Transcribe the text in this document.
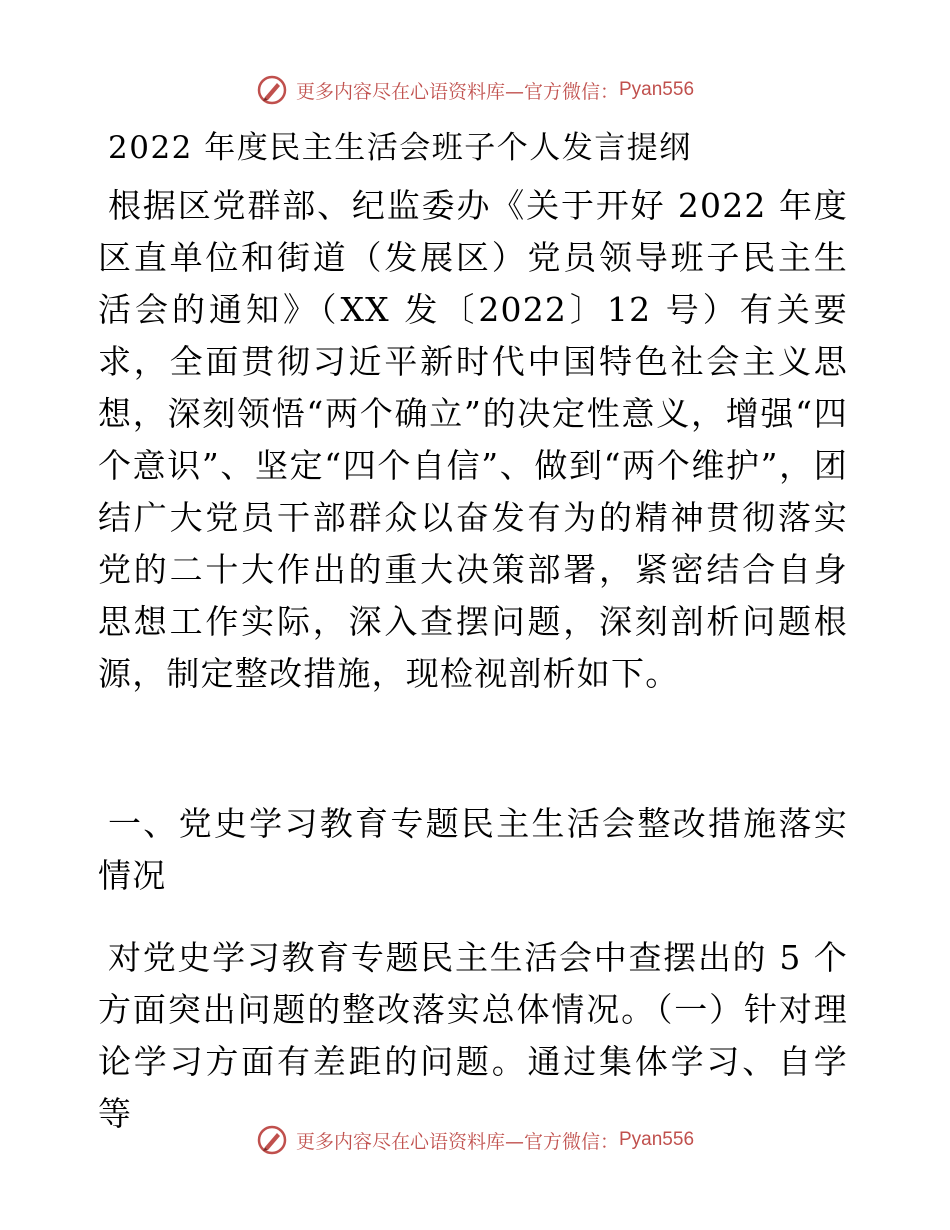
更多内容尽在心语资料库—官方微信： Pyan556
2022 年度民主生活会班子个人发言提纲

根据区党群部、纪监委办《关于开好 2022 年度区直单位和街道（发展区）党员领导班子民主生活会的通知》（XX 发〔2022〕12 号）有关要求，全面贯彻习近平新时代中国特色社会主义思想，深刻领悟“两个确立”的决定性意义，增强“四个意识”、坚定“四个自信”、做到“两个维护”，团结广大党员干部群众以奋发有为的精神贯彻落实党的二十大作出的重大决策部署，紧密结合自身思想工作实际，深入查摆问题，深刻剖析问题根源，制定整改措施，现检视剖析如下。

一、党史学习教育专题民主生活会整改措施落实情况

对党史学习教育专题民主生活会中查摆出的 5 个方面突出问题的整改落实总体情况。（一）针对理论学习方面有差距的问题。通过集体学习、自学等

更多内容尽在心语资料库—官方微信： Pyan556
